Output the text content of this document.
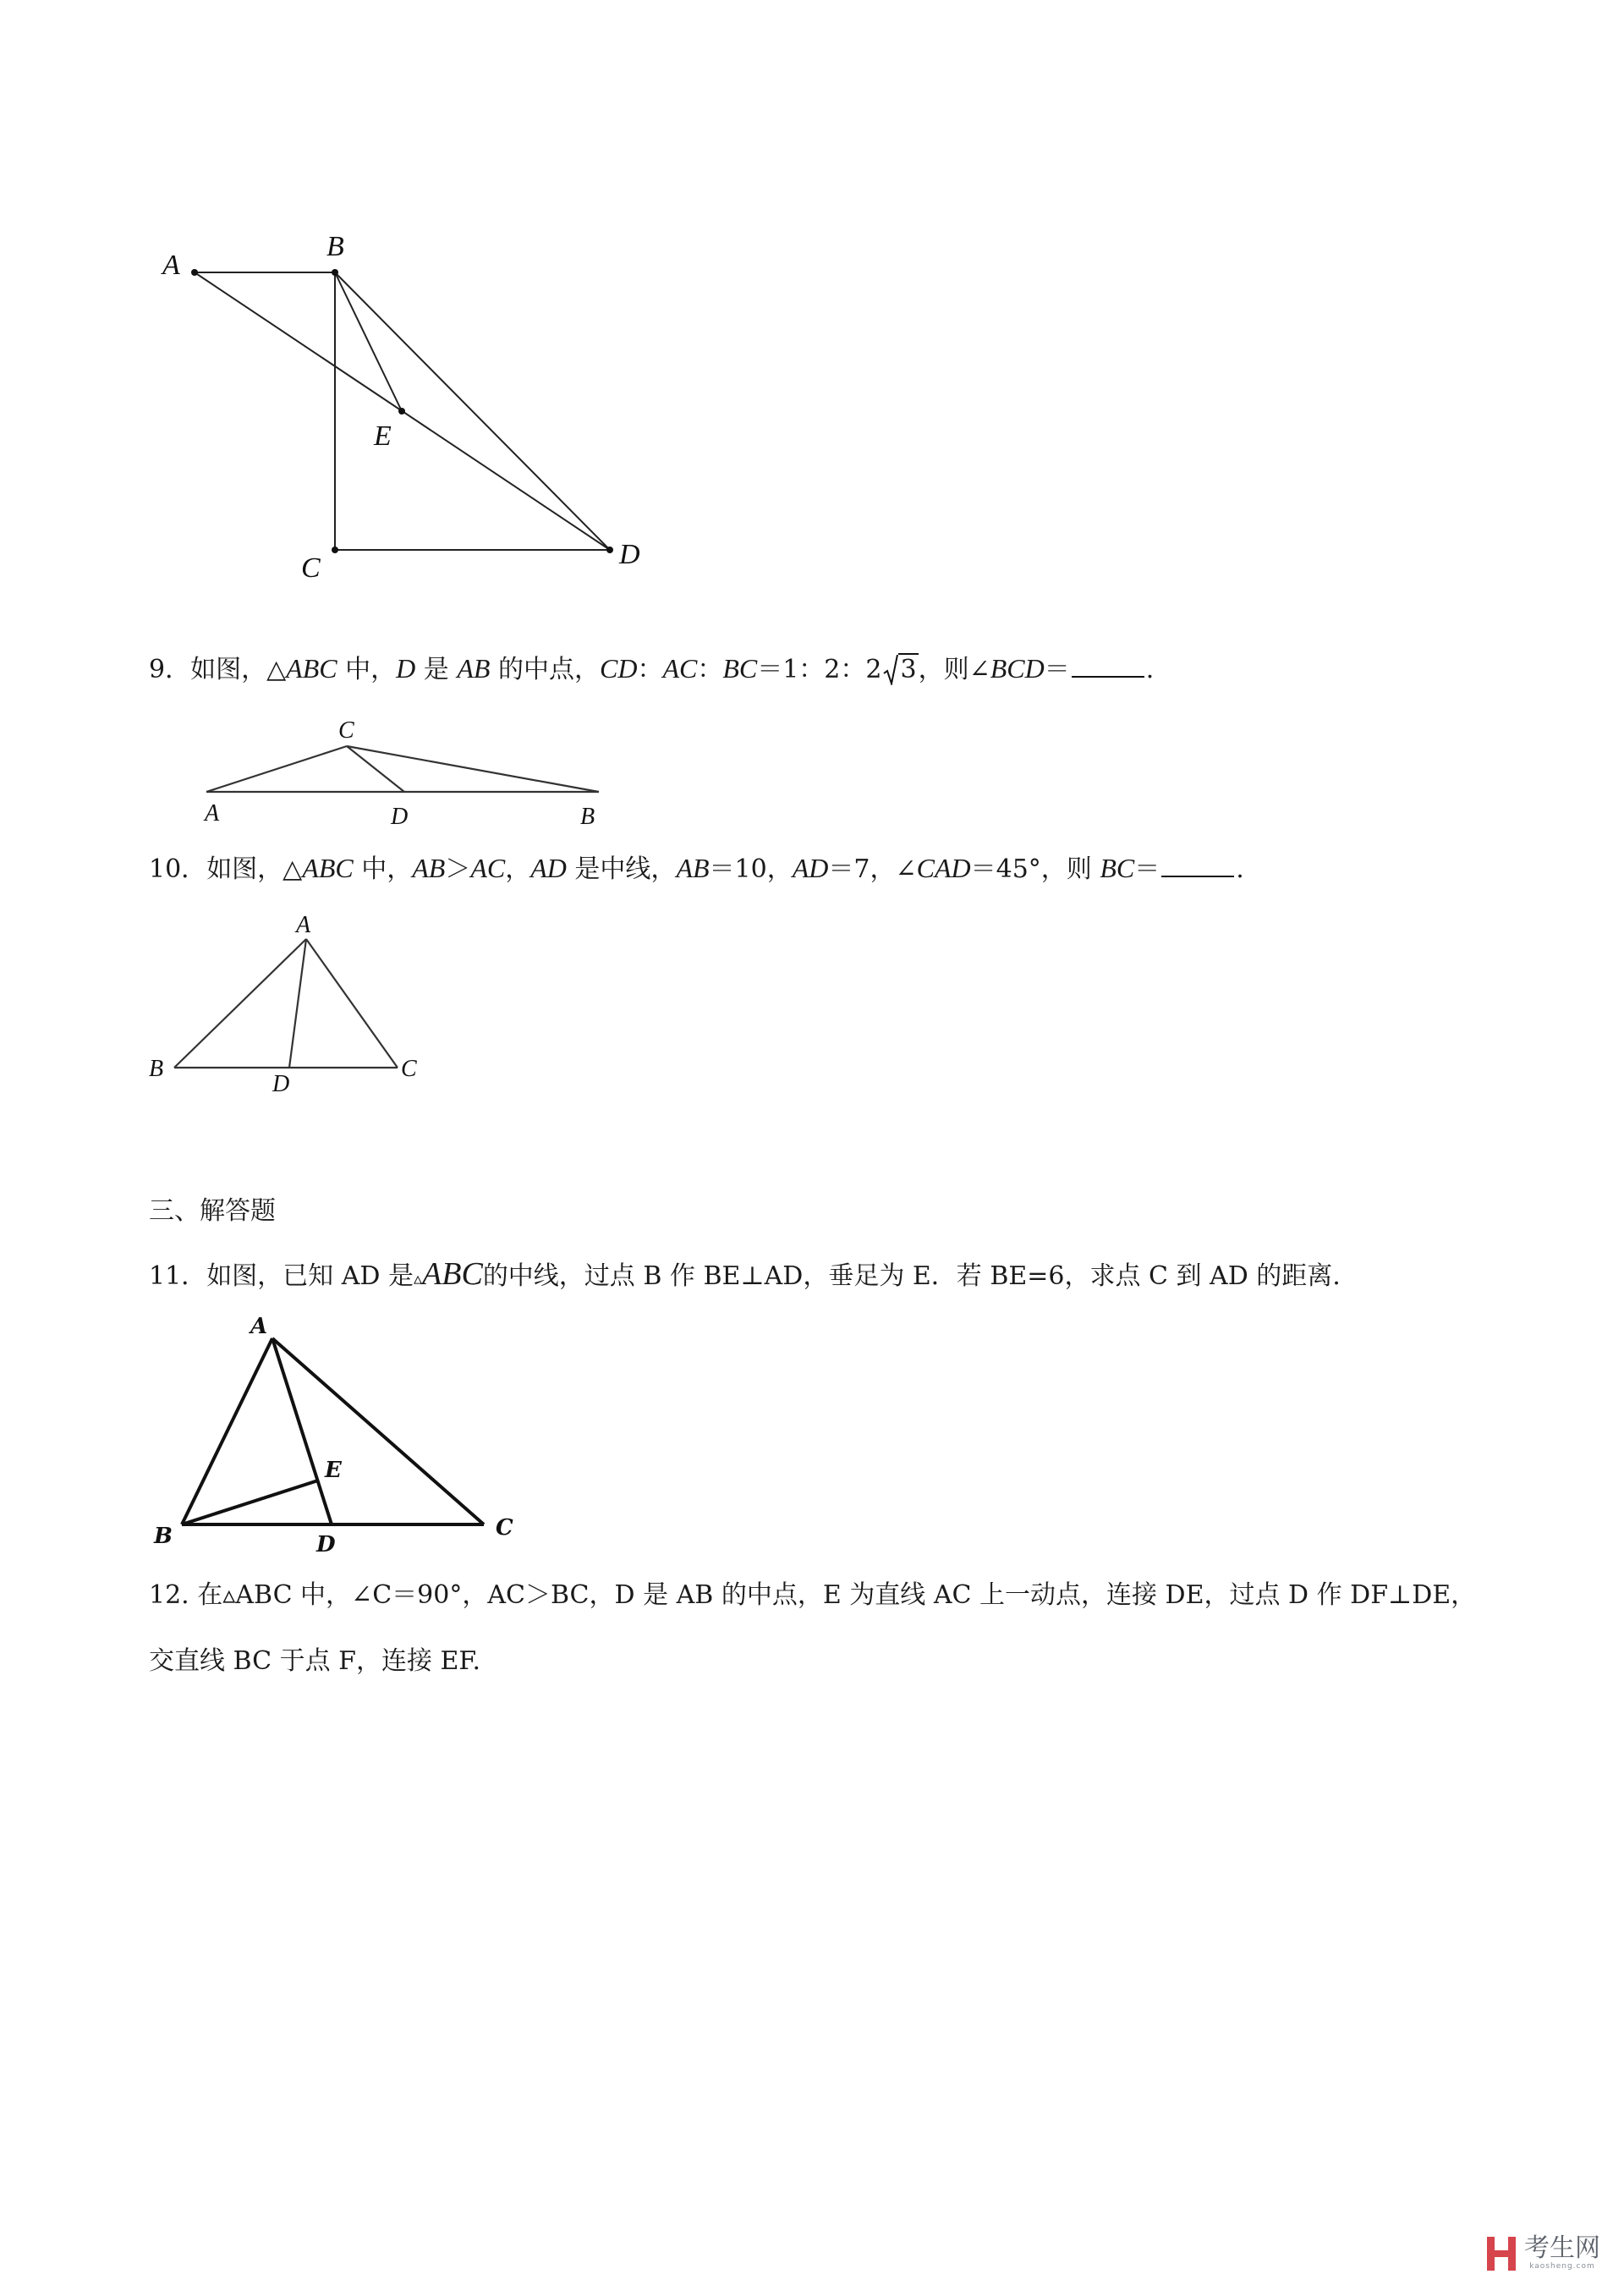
A
B
E
C	D
9．如图，△ABC 中，D 是 AB 的中点，CD：AC：BC＝1：2：2 3，则∠BCD＝	.
C
A	D	B
10．如图，△ABC 中，AB＞AC，AD 是中线，AB＝10，AD＝7，∠CAD＝45°，则 BC＝	.
A
B
D
C
三、解答题
11．如图，已知 AD 是▵ABC的中线，过点 B 作 BE⊥AD，垂足为 E．若 BE=6，求点 C 到 AD 的距离.
A
E
B	D
C
12. 在▵ABC 中，∠C＝90°，AC＞BC，D 是 AB 的中点，E 为直线 AC 上一动点，连接 DE，过点 D 作 DF⊥DE，
交直线 BC 于点 F，连接 EF.
考生网
kaosheng.com
